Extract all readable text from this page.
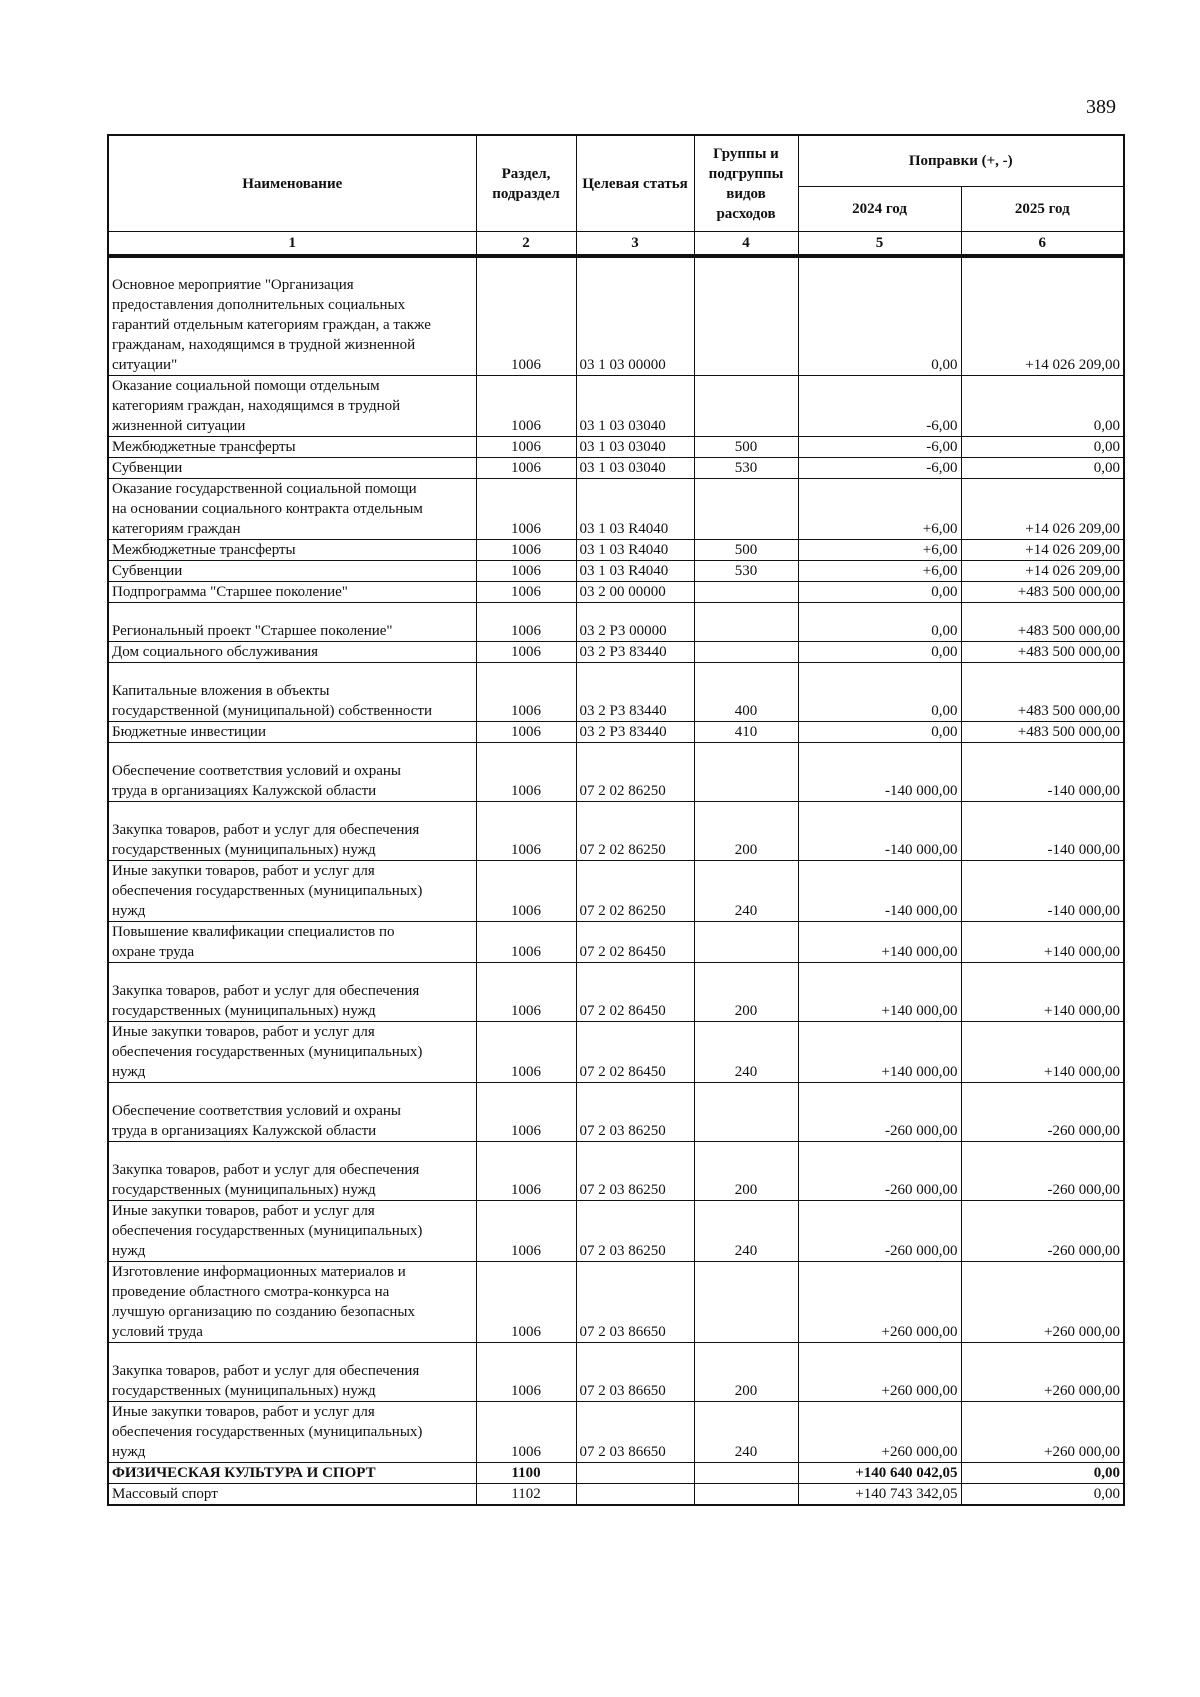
389
Наименование	Раздел, подраздел	Целевая статья	Группы и подгруппы видов расходов	Поправки (+, -)	
				2024 год	2025 год
1	2	3	4	5	6
Основное мероприятие "Организация
предоставления дополнительных социальных
гарантий отдельным категориям граждан, а также
гражданам, находящимся в трудной жизненной
ситуации"	1006	03 1 03 00000		0,00	+14 026 209,00
Оказание социальной помощи отдельным
категориям граждан, находящимся в трудной
жизненной ситуации	1006	03 1 03 03040		-6,00	0,00
Межбюджетные трансферты	1006	03 1 03 03040	500	-6,00	0,00
Субвенции	1006	03 1 03 03040	530	-6,00	0,00
Оказание государственной социальной помощи
на основании социального контракта отдельным
категориям граждан	1006	03 1 03 R4040		+6,00	+14 026 209,00
Межбюджетные трансферты	1006	03 1 03 R4040	500	+6,00	+14 026 209,00
Субвенции	1006	03 1 03 R4040	530	+6,00	+14 026 209,00
Подпрограмма "Старшее поколение"	1006	03 2 00 00000		0,00	+483 500 000,00
Региональный проект "Старшее поколение"	1006	03 2 P3 00000		0,00	+483 500 000,00
Дом социального обслуживания	1006	03 2 P3 83440		0,00	+483 500 000,00
Капитальные вложения в объекты
государственной (муниципальной) собственности	1006	03 2 P3 83440	400	0,00	+483 500 000,00
Бюджетные инвестиции	1006	03 2 P3 83440	410	0,00	+483 500 000,00
Обеспечение соответствия условий и охраны
труда в организациях Калужской области	1006	07 2 02 86250		-140 000,00	-140 000,00
Закупка товаров, работ и услуг для обеспечения
государственных (муниципальных) нужд	1006	07 2 02 86250	200	-140 000,00	-140 000,00
Иные закупки товаров, работ и услуг для
обеспечения государственных (муниципальных)
нужд	1006	07 2 02 86250	240	-140 000,00	-140 000,00
Повышение квалификации специалистов по
охране труда	1006	07 2 02 86450		+140 000,00	+140 000,00
Закупка товаров, работ и услуг для обеспечения
государственных (муниципальных) нужд	1006	07 2 02 86450	200	+140 000,00	+140 000,00
Иные закупки товаров, работ и услуг для
обеспечения государственных (муниципальных)
нужд	1006	07 2 02 86450	240	+140 000,00	+140 000,00
Обеспечение соответствия условий и охраны
труда в организациях Калужской области	1006	07 2 03 86250		-260 000,00	-260 000,00
Закупка товаров, работ и услуг для обеспечения
государственных (муниципальных) нужд	1006	07 2 03 86250	200	-260 000,00	-260 000,00
Иные закупки товаров, работ и услуг для
обеспечения государственных (муниципальных)
нужд	1006	07 2 03 86250	240	-260 000,00	-260 000,00
Изготовление информационных материалов и
проведение областного смотра-конкурса на
лучшую организацию по созданию безопасных
условий труда	1006	07 2 03 86650		+260 000,00	+260 000,00
Закупка товаров, работ и услуг для обеспечения
государственных (муниципальных) нужд	1006	07 2 03 86650	200	+260 000,00	+260 000,00
Иные закупки товаров, работ и услуг для
обеспечения государственных (муниципальных)
нужд	1006	07 2 03 86650	240	+260 000,00	+260 000,00
ФИЗИЧЕСКАЯ КУЛЬТУРА И СПОРТ	1100			+140 640 042,05	0,00
Массовый спорт	1102			+140 743 342,05	0,00
